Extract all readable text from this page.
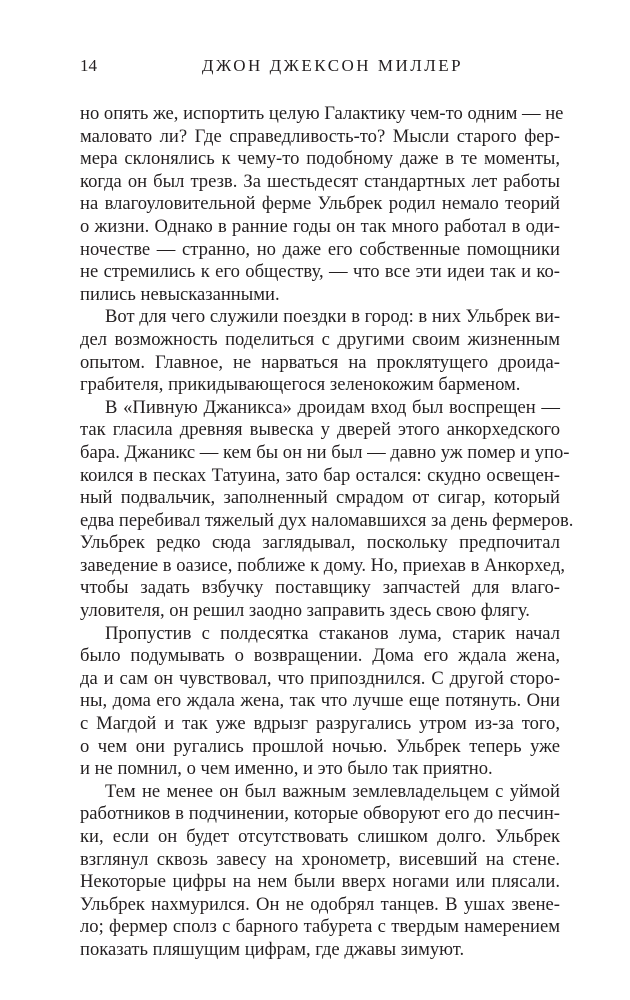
14	ДЖОН ДЖЕКСОН МИЛЛЕР
но опять же, испортить целую Галактику чем-то одним — не
маловато ли? Где справедливость-то? Мысли старого фер-
мера склонялись к чему-то подобному даже в те моменты,
когда он был трезв. За шестьдесят стандартных лет работы
на влагоуловительной ферме Ульбрек родил немало теорий
о жизни. Однако в ранние годы он так много работал в оди-
ночестве — странно, но даже его собственные помощники
не стремились к его обществу, — что все эти идеи так и ко-
пились невысказанными.
Вот для чего служили поездки в город: в них Ульбрек ви-
дел возможность поделиться с другими своим жизненным
опытом. Главное, не нарваться на проклятущего дроида-
грабителя, прикидывающегося зеленокожим барменом.
В «Пивную Джаникса» дроидам вход был воспрещен —
так гласила древняя вывеска у дверей этого анкорхедского
бара. Джаникс — кем бы он ни был — давно уж помер и упо-
коился в песках Татуина, зато бар остался: скудно освещен-
ный подвальчик, заполненный смрадом от сигар, который
едва перебивал тяжелый дух наломавшихся за день фермеров.
Ульбрек редко сюда заглядывал, поскольку предпочитал
заведение в оазисе, поближе к дому. Но, приехав в Анкорхед,
чтобы задать взбучку поставщику запчастей для влаго-
уловителя, он решил заодно заправить здесь свою флягу.
Пропустив с полдесятка стаканов лума, старик начал
было подумывать о возвращении. Дома его ждала жена,
да и сам он чувствовал, что припозднился. С другой сторо-
ны, дома его ждала жена, так что лучше еще потянуть. Они
с Магдой и так уже вдрызг разругались утром из-за того,
о чем они ругались прошлой ночью. Ульбрек теперь уже
и не помнил, о чем именно, и это было так приятно.
Тем не менее он был важным землевладельцем с уймой
работников в подчинении, которые обворуют его до песчин-
ки, если он будет отсутствовать слишком долго. Ульбрек
взглянул сквозь завесу на хронометр, висевший на стене.
Некоторые цифры на нем были вверх ногами или плясали.
Ульбрек нахмурился. Он не одобрял танцев. В ушах звене-
ло; фермер сполз с барного табурета с твердым намерением
показать пляшущим цифрам, где джавы зимуют.
